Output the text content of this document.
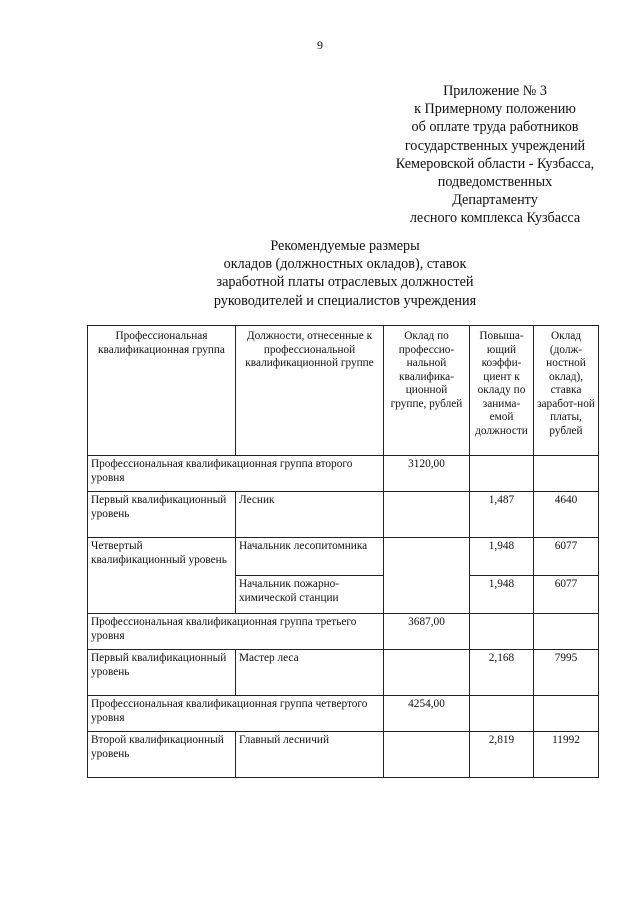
9
Приложение № 3
к Примерному положению
об оплате труда работников
государственных учреждений
Кемеровской области - Кузбасса,
подведомственных
Департаменту
лесного комплекса Кузбасса
Рекомендуемые размеры
окладов (должностных окладов), ставок
заработной платы отраслевых должностей
руководителей и специалистов учреждения
Профессиональная квалификационная группа	Должности, отнесенные к профессиональной квалификационной группе	Оклад по профессио-нальной квалифика-ционной группе, рублей	Повыша-ющий коэффи-циент к окладу по занима-емой должности	Оклад (долж-ностной оклад), ставка заработ-ной платы, рублей
Профессиональная квалификационная группа второго уровня		3120,00		
Первый квалификационный уровень	Лесник		1,487	4640
Четвертый квалификационный уровень	Начальник лесопитомника		1,948	6077
	Начальник пожарно-химической станции		1,948	6077
Профессиональная квалификационная группа третьего уровня		3687,00		
Первый квалификационный уровень	Мастер леса		2,168	7995
Профессиональная квалификационная группа четвертого уровня		4254,00		
Второй квалификационный уровень	Главный лесничий		2,819	11992
